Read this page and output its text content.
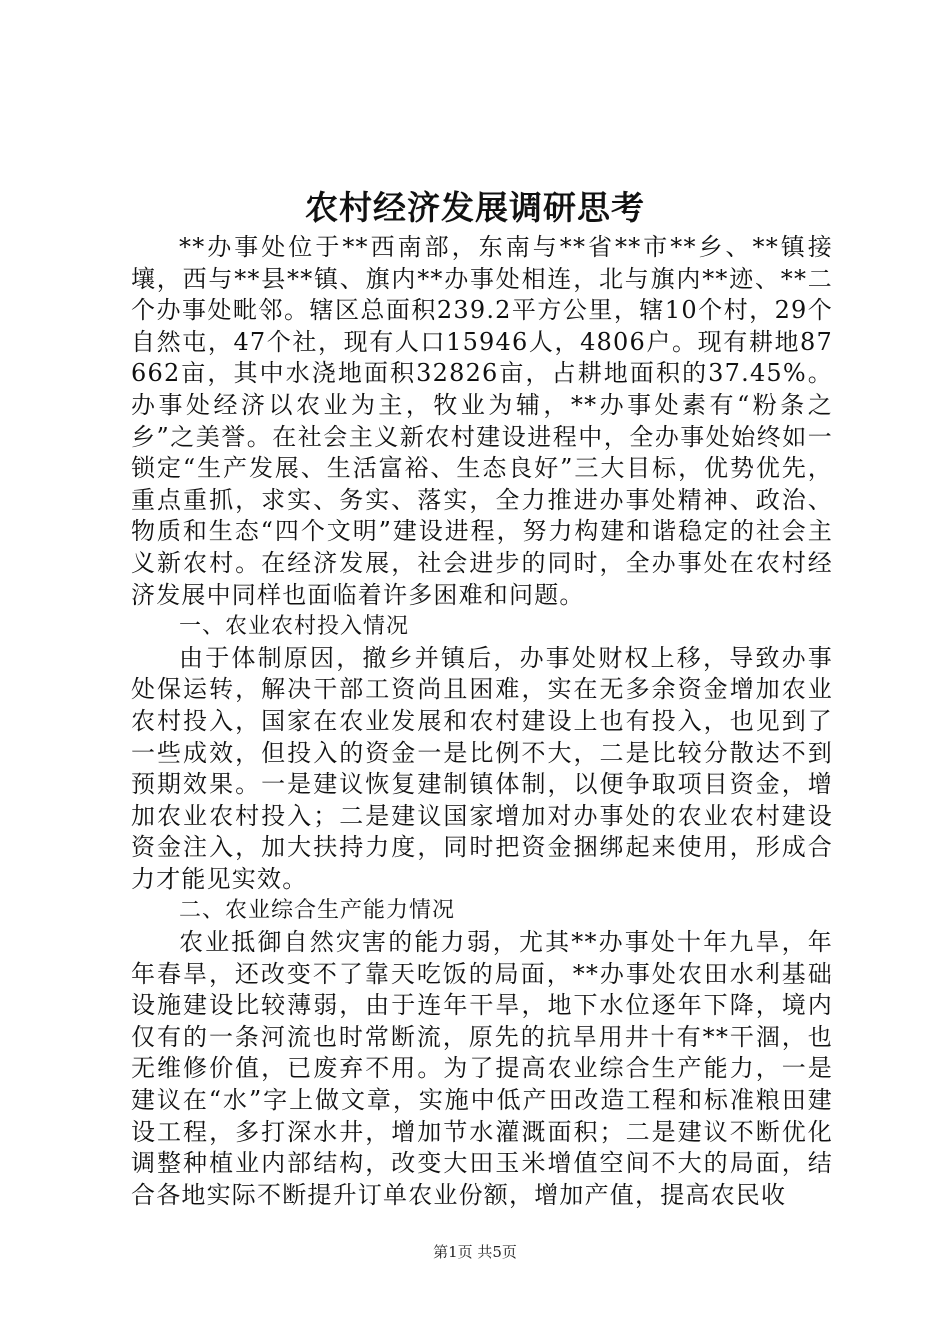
农村经济发展调研思考

**办事处位于**西南部，东南与**省**市**乡、**镇接壤，西与**县**镇、旗内**办事处相连，北与旗内**迹、**二个办事处毗邻。辖区总面积239.2平方公里，辖10个村，29个自然屯，47个社，现有人口15946人，4806户。现有耕地87662亩，其中水浇地面积32826亩，占耕地面积的37.45%。办事处经济以农业为主，牧业为辅，**办事处素有“粉条之乡”之美誉。在社会主义新农村建设进程中，全办事处始终如一锁定“生产发展、生活富裕、生态良好”三大目标，优势优先，重点重抓，求实、务实、落实，全力推进办事处精神、政治、物质和生态“四个文明”建设进程，努力构建和谐稳定的社会主义新农村。在经济发展，社会进步的同时，全办事处在农村经济发展中同样也面临着许多困难和问题。

一、农业农村投入情况

由于体制原因，撤乡并镇后，办事处财权上移，导致办事处保运转，解决干部工资尚且困难，实在无多余资金增加农业农村投入，国家在农业发展和农村建设上也有投入，也见到了一些成效，但投入的资金一是比例不大，二是比较分散达不到预期效果。一是建议恢复建制镇体制，以便争取项目资金，增加农业农村投入；二是建议国家增加对办事处的农业农村建设资金注入，加大扶持力度，同时把资金捆绑起来使用，形成合力才能见实效。

二、农业综合生产能力情况

农业抵御自然灾害的能力弱，尤其**办事处十年九旱，年年春旱，还改变不了靠天吃饭的局面，**办事处农田水利基础设施建设比较薄弱，由于连年干旱，地下水位逐年下降，境内仅有的一条河流也时常断流，原先的抗旱用井十有**干涸，也无维修价值，已废弃不用。为了提高农业综合生产能力，一是建议在“水”字上做文章，实施中低产田改造工程和标准粮田建设工程，多打深水井，增加节水灌溉面积；二是建议不断优化调整种植业内部结构，改变大田玉米增值空间不大的局面，结合各地实际不断提升订单农业份额，增加产值，提高农民收

第1页 共5页
